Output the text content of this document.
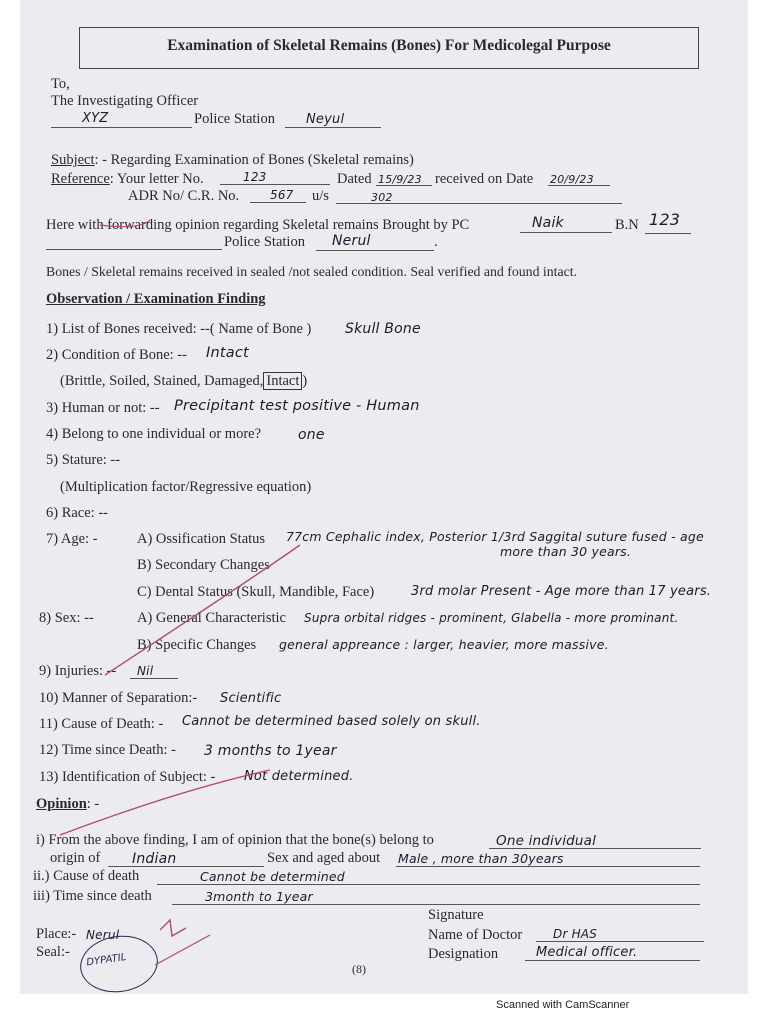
Examination of Skeletal Remains (Bones) For Medicolegal Purpose
To,
The Investigating Officer
XYZ	Police Station Neyul
Subject: - Regarding Examination of Bones (Skeletal remains)
Reference: Your letter No.	123	Dated 15/9/23 received on Date 20/9/23
ADR No/ C.R. No.	567 u/s	302
Here with forwarding opinion regarding Skeletal remains Brought by PC	Naik	B.N 123
Police Station Nerul	.
Bones / Skeletal remains received in sealed /not sealed condition. Seal verified and found intact.
Observation / Examination Finding
1) List of Bones received: --( Name of Bone ) Skull Bone
2) Condition of Bone: -- Intact
(Brittle, Soiled, Stained, Damaged, Intact )
3) Human or not: -- Precipitant test positive - Human
4) Belong to one individual or more?	one
5) Stature: --
(Multiplication factor/Regressive equation)
6) Race: --
7) Age: -	A) Ossification Status 77cm Cephalic index, Posterior 1/3rd Saggital suture fused - age
more than 30 years.
B) Secondary Changes
C) Dental Status (Skull, Mandible, Face)	3rd molar Present - Age more than 17 years.
8) Sex: --	A) General Characteristic Supra orbital ridges - prominent, Glabella - more prominant.
B) Specific Changes general appreance : larger, heavier, more massive.
9) Injuries: -- Nil
10) Manner of Separation:- Scientific
11) Cause of Death: - Cannot be determined based solely on skull.
12) Time since Death: - 3 months to 1year
13) Identification of Subject: - Not determined.
Opinion: -
i) From the above finding, I am of opinion that the bone(s) belong to	One individual
origin of Indian	Sex and aged about Male , more than 30years
ii.) Cause of death	Cannot be determined
iii) Time since death	3month to 1year
Signature
Place:- Nerul
Seal:-
Name of Doctor	Dr HAS
Designation	Medical officer.
DYPATIL
(8)
Scanned with CamScanner
